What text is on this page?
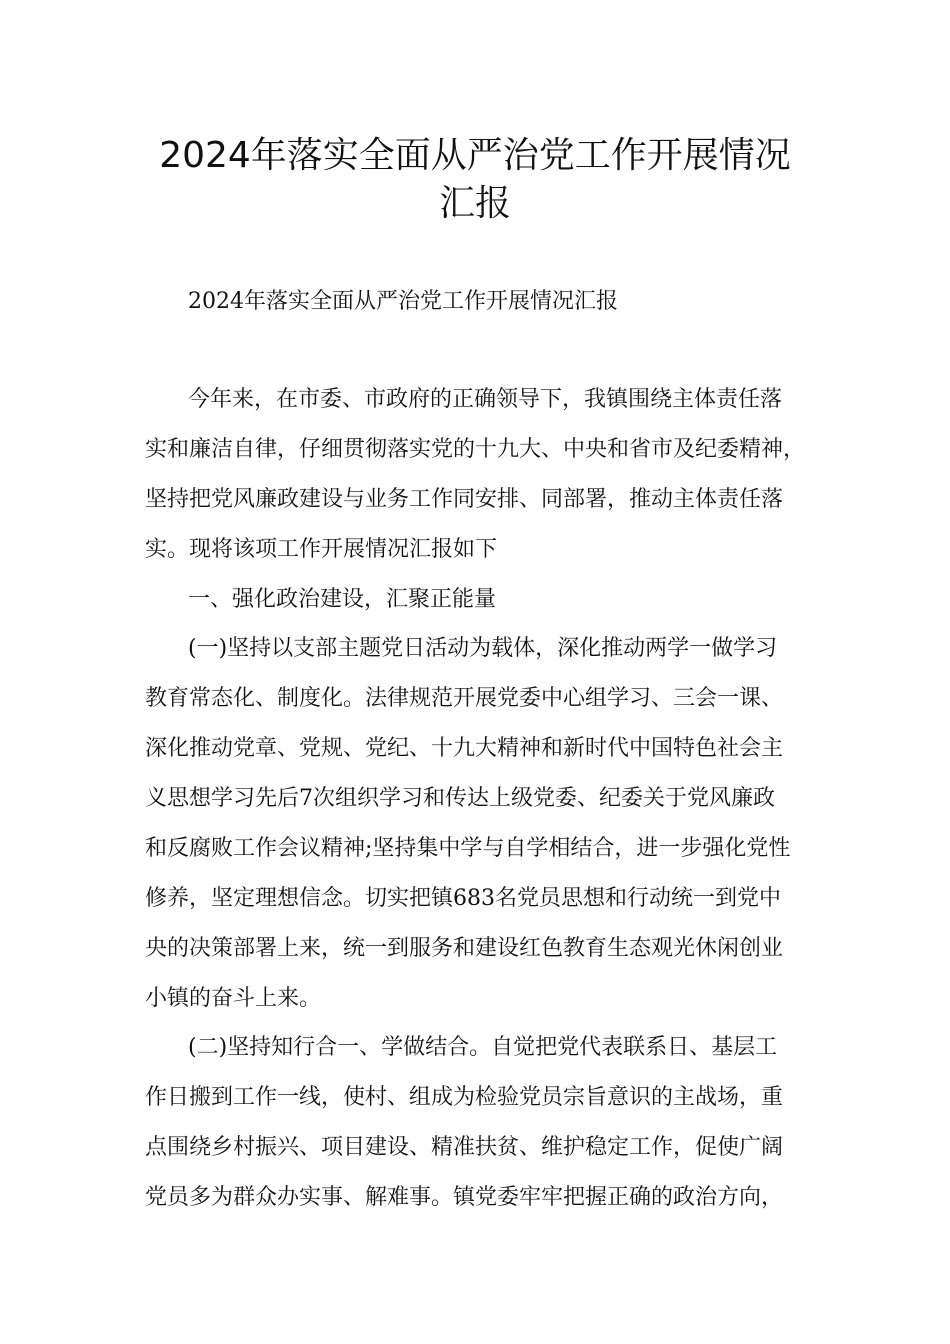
2024年落实全面从严治党工作开展情况
汇报
2024年落实全面从严治党工作开展情况汇报
今年来，在市委、市政府的正确领导下，我镇围绕主体责任落
实和廉洁自律，仔细贯彻落实党的十九大、中央和省市及纪委精神，
坚持把党风廉政建设与业务工作同安排、同部署，推动主体责任落
实。现将该项工作开展情况汇报如下
一、强化政治建设，汇聚正能量
(一)坚持以支部主题党日活动为载体，深化推动两学一做学习
教育常态化、制度化。法律规范开展党委中心组学习、三会一课、
深化推动党章、党规、党纪、十九大精神和新时代中国特色社会主
义思想学习先后7次组织学习和传达上级党委、纪委关于党风廉政
和反腐败工作会议精神;坚持集中学与自学相结合，进一步强化党性
修养，坚定理想信念。切实把镇683名党员思想和行动统一到党中
央的决策部署上来，统一到服务和建设红色教育生态观光休闲创业
小镇的奋斗上来。
(二)坚持知行合一、学做结合。自觉把党代表联系日、基层工
作日搬到工作一线，使村、组成为检验党员宗旨意识的主战场，重
点围绕乡村振兴、项目建设、精准扶贫、维护稳定工作，促使广阔
党员多为群众办实事、解难事。镇党委牢牢把握正确的政治方向，
